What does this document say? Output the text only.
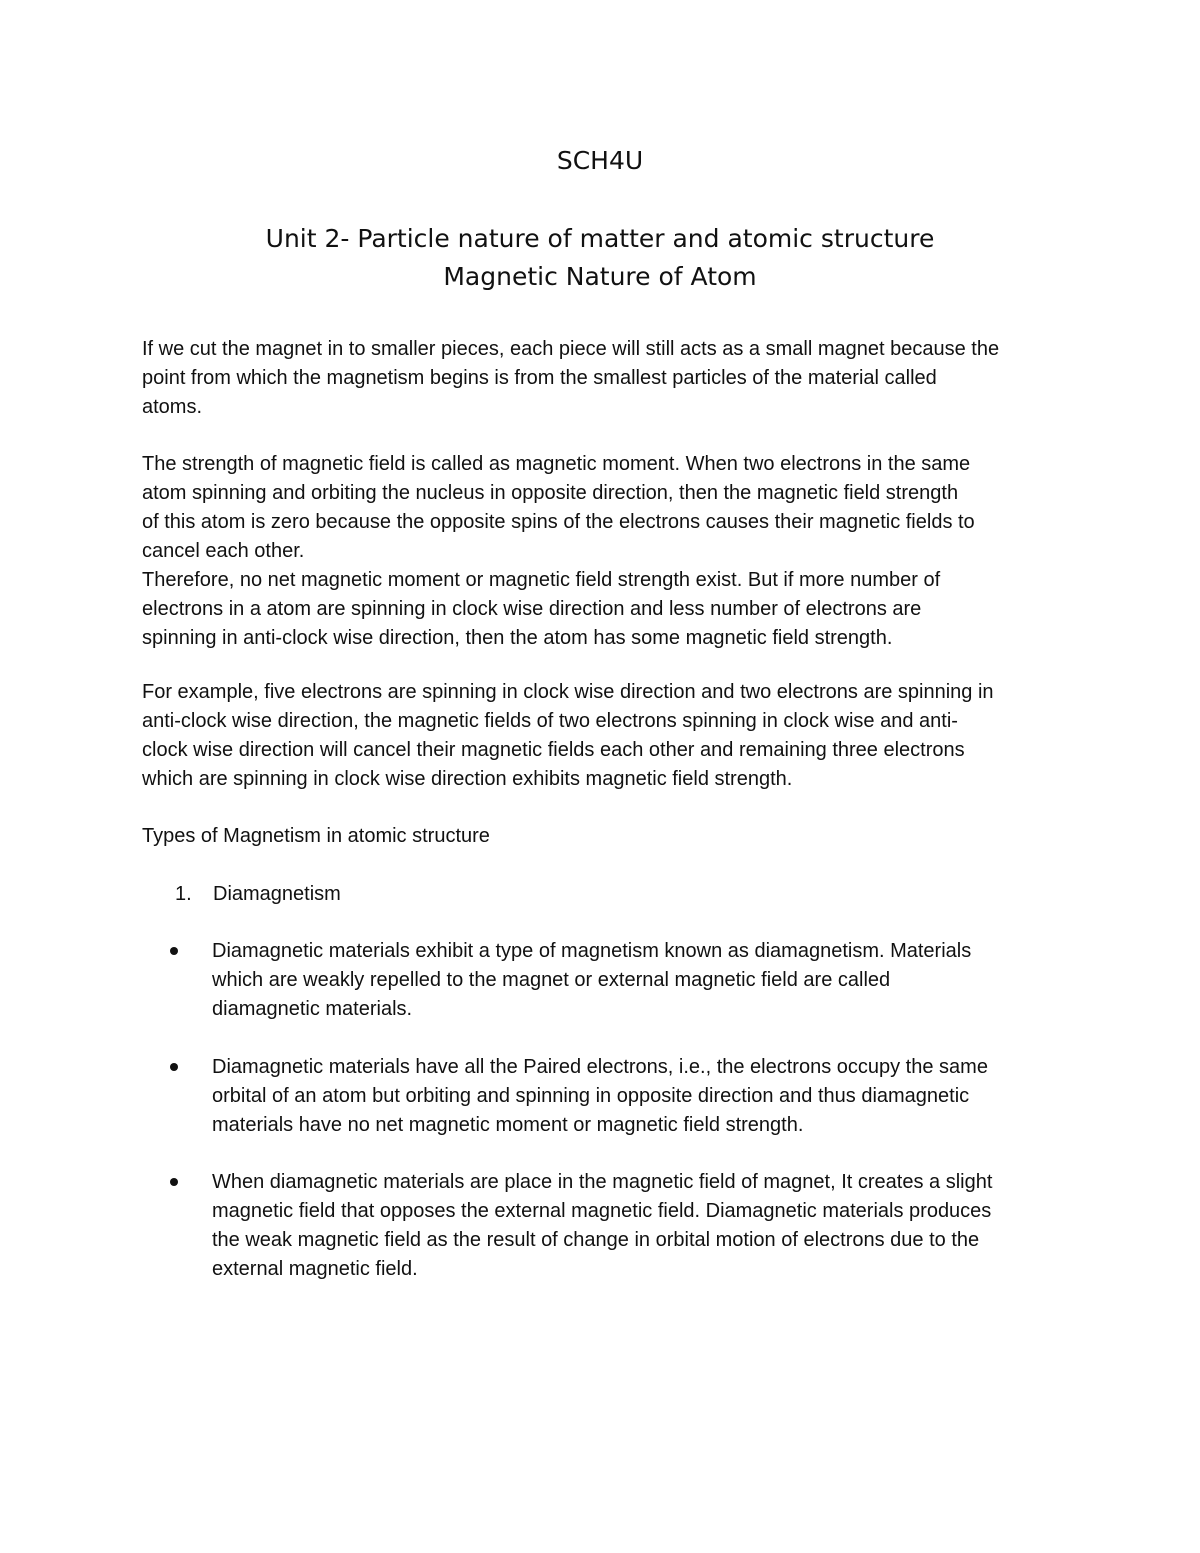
SCH4U
Unit 2- Particle nature of matter and atomic structure
Magnetic Nature of Atom
If we cut the magnet in to smaller pieces, each piece will still acts as a small magnet because the
point from which the magnetism begins is from the smallest particles of the material called
atoms.
The strength of magnetic field is called as magnetic moment. When two electrons in the same
atom spinning and orbiting the nucleus in opposite direction, then the magnetic field strength
of this atom is zero because the opposite spins of the electrons causes their magnetic fields to
cancel each other.
Therefore, no net magnetic moment or magnetic field strength exist. But if more number of
electrons in a atom are spinning in clock wise direction and less number of electrons are
spinning in anti-clock wise direction, then the atom has some magnetic field strength.
For example, five electrons are spinning in clock wise direction and two electrons are spinning in
anti-clock wise direction, the magnetic fields of two electrons spinning in clock wise and anti-
clock wise direction will cancel their magnetic fields each other and remaining three electrons
which are spinning in clock wise direction exhibits magnetic field strength.
Types of Magnetism in atomic structure
1. Diamagnetism
Diamagnetic materials exhibit a type of magnetism known as diamagnetism. Materials
which are weakly repelled to the magnet or external magnetic field are called
diamagnetic materials.
Diamagnetic materials have all the Paired electrons, i.e., the electrons occupy the same
orbital of an atom but orbiting and spinning in opposite direction and thus diamagnetic
materials have no net magnetic moment or magnetic field strength.
When diamagnetic materials are place in the magnetic field of magnet, It creates a slight
magnetic field that opposes the external magnetic field. Diamagnetic materials produces
the weak magnetic field as the result of change in orbital motion of electrons due to the
external magnetic field.
